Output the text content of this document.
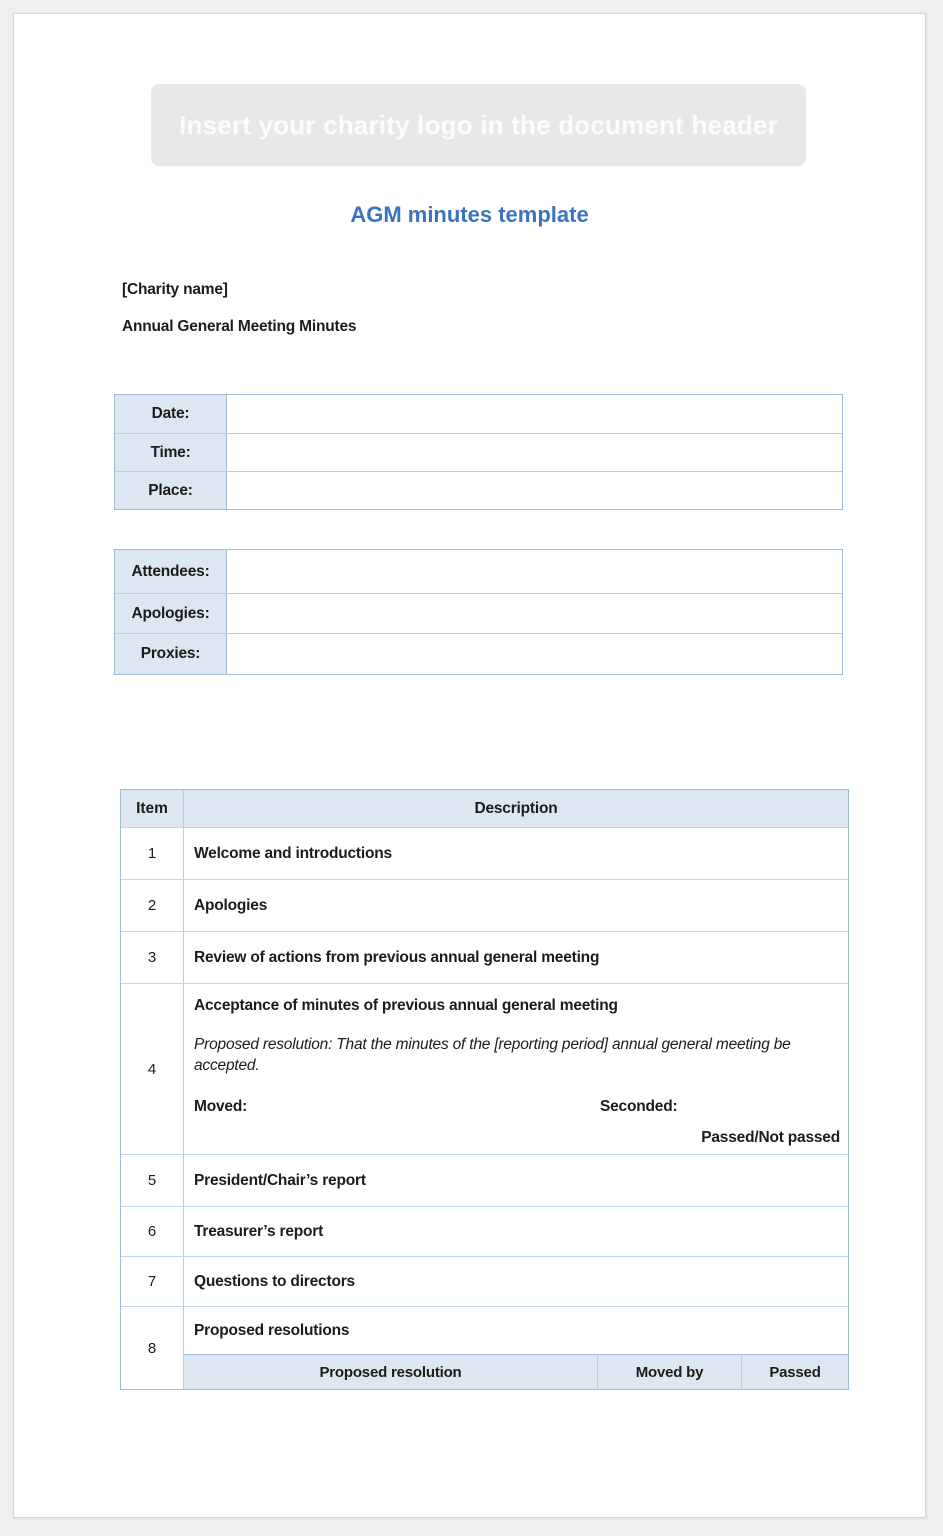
Insert your charity logo in the document header
AGM minutes template
[Charity name]
Annual General Meeting Minutes
Date:
Time:
Place:
Attendees:
Apologies:
Proxies:
Item	Description
1	Welcome and introductions
2	Apologies
3	Review of actions from previous annual general meeting
4
Acceptance of minutes of previous annual general meeting
Proposed resolution: That the minutes of the [reporting period] annual general meeting be accepted.
Moved:	Seconded:
Passed/Not passed
5	President/Chair’s report
6	Treasurer’s report
7	Questions to directors
8
Proposed resolutions
Proposed resolution	Moved by	Passed
